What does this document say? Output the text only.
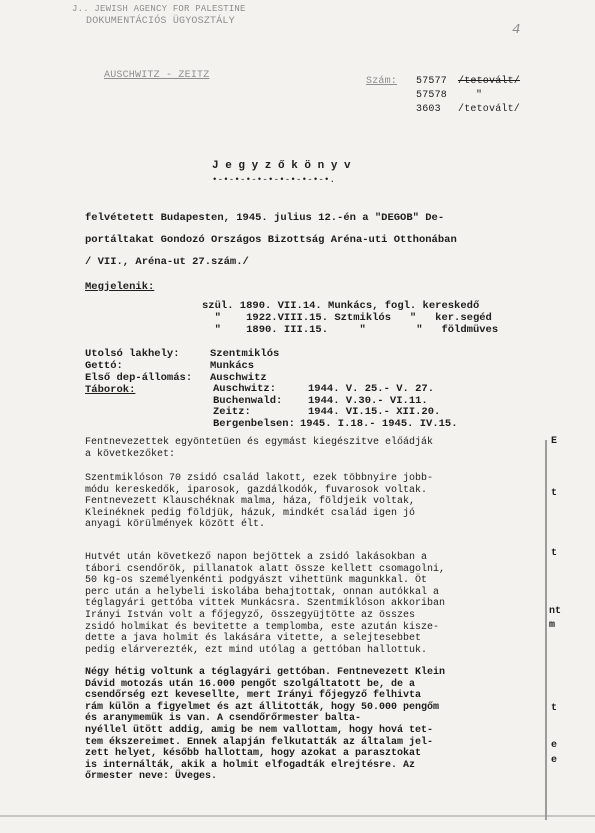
J.. JEWISH AGENCY FOR PALESTINE
DOKUMENTÁCIÓS ÜGYOSZTÁLY
4
AUSCHWITZ - ZEITZ
Szám: 57577 /tetovált/
57578	"
3603 /tetovált/
J e g y z ő k ö n y v
•-•-•-•-•-•-•-•-•-•-•.
felvétetett Budapesten, 1945. julius 12.-én a "DEGOB" De-
portáltakat Gondozó Országos Bizottság Aréna-uti Otthonában
/ VII., Aréna-ut 27.szám./
Megjelenik:
szül. 1890. VII.14. Munkács, fogl. kereskedő
"    1922.VIII.15. Sztmiklós   "   ker.segéd
"    1890. III.15.     "        "   földmüves
Utolsó lakhely:
Gettó:
Első dep-állomás:
Táborok:
Szentmiklós
Munkács
Auschwitz
Auschwitz:
Buchenwald:
Zeitz:
Bergenbelsen:
1944. V. 25.- V. 27.
1944. V.30.- VI.11.
1944. VI.15.- XII.20.
1945. I.18.- 1945. IV.15.
Fentnevezettek egyöntetüen és egymást kiegészitve előádják
a következőket:
Szentmiklóson 70 zsidó család lakott, ezek többnyire jobb-
módu kereskedők, iparosok, gazdálkodók, fuvarosok voltak.
Fentnevezett Klauschéknak malma, háza, földjeik voltak,
Kleinéknek pedig földjük, házuk, mindkét család igen jó
anyagi körülmények között élt.
Hutvét után következő napon bejöttek a zsidó lakásokban a
tábori csendőrök, pillanatok alatt össze kellett csomagolni,
50 kg-os személyenkénti podgyászt vihettünk magunkkal. Öt
perc után a helybeli iskolába behajtottak, onnan autókkal a
téglagyári gettóba vittek Munkácsra. Szentmiklóson akkoriban
Irányi István volt a főjegyző, összegyüjtötte az összes
zsidó holmikat és bevitette a templomba, este azután kisze-
dette a java holmit és lakására vitette, a selejtesebbet
pedig elárverezték, ezt mind utólag a gettóban hallottuk.
Négy hétig voltunk a téglagyári gettóban. Fentnevezett Klein
Dávid motozás után 16.000 pengőt szolgáltatott be, de a
csendőrség ezt kevesellte, mert Irányi főjegyző felhivta
rám külön a figyelmet és azt állitották, hogy 50.000 pengőm
és aranymemük is van. A csendőrőrmester balta-
nyéllel ütött addig, amig be nem vallottam, hogy hová tet-
tem ékszereimet. Ennek alapján felkutatták az általam jel-
zett helyet, később hallottam, hogy azokat a parasztokat
is internálták, akik a holmit elfogadták elrejtésre. Az
őrmester neve: Üveges.
E
t
t
nt
m
t
e
e
